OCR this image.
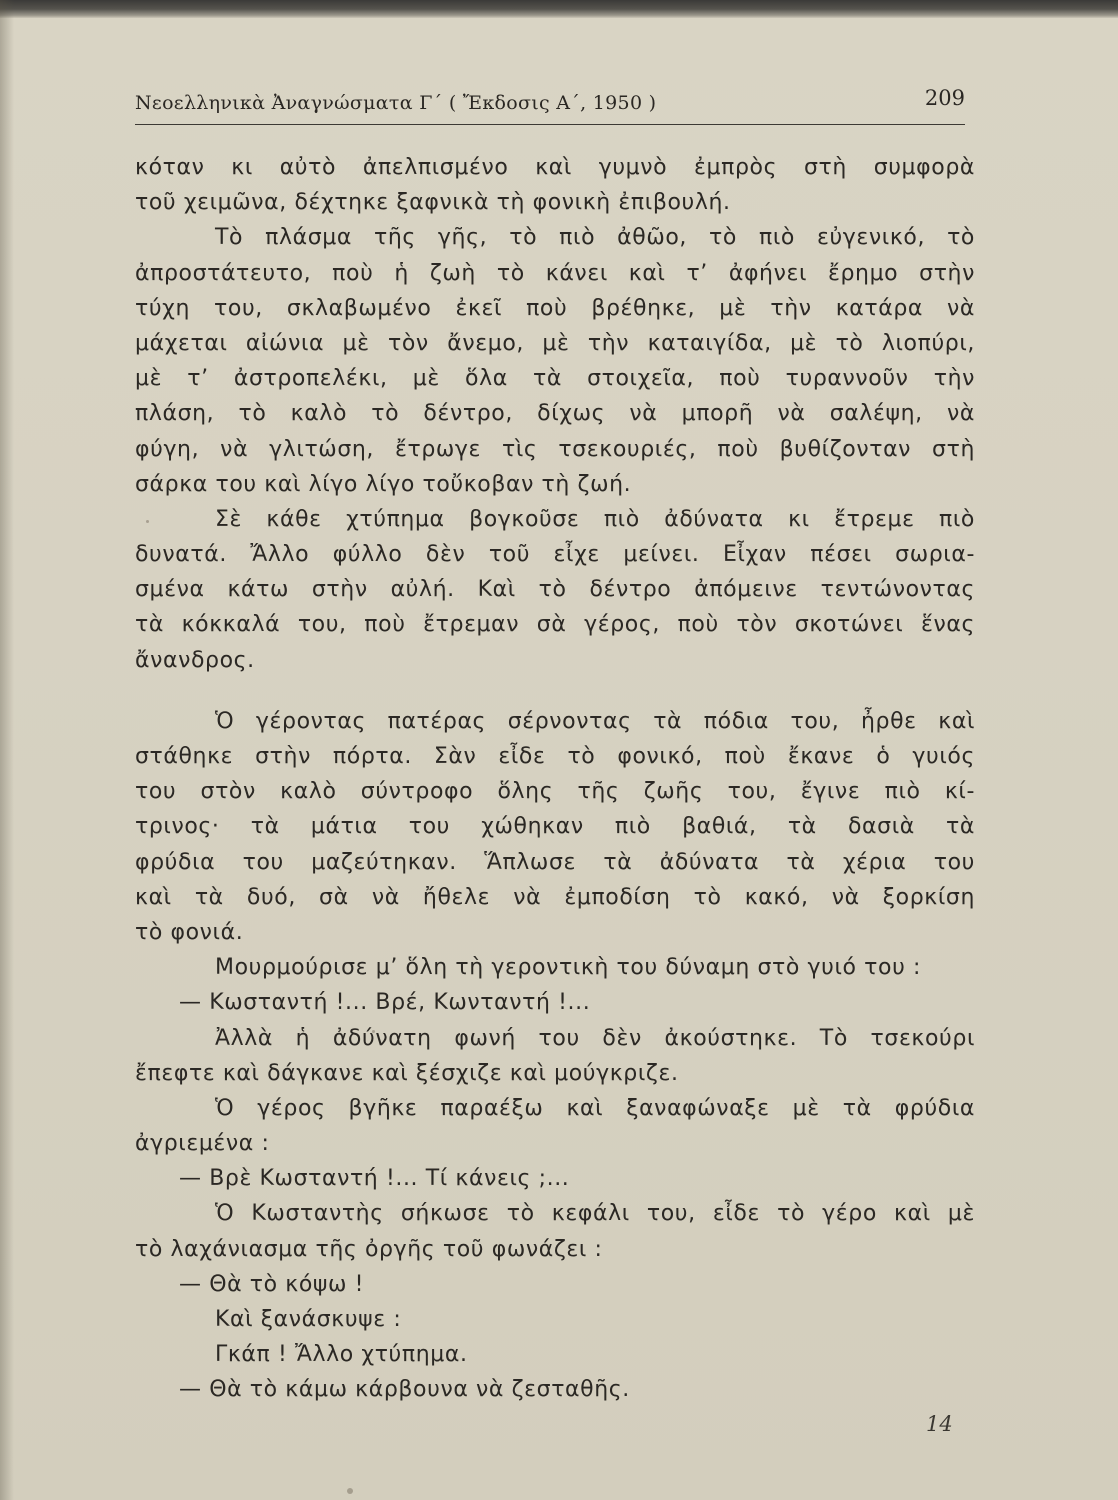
Νεοελληνικὰ Ἀναγνώσματα Γ΄ ( Ἔκδοσις Α΄, 1950 )	209
κόταν κι αὐτὸ ἀπελπισμένο καὶ γυμνὸ ἐμπρὸς στὴ συμφορὰ
τοῦ χειμῶνα, δέχτηκε ξαφνικὰ τὴ φονικὴ ἐπιβουλή.
Τὸ πλάσμα τῆς γῆς, τὸ πιὸ ἀθῶο, τὸ πιὸ εὐγενικό, τὸ
ἀπροστάτευτο, ποὺ ἡ ζωὴ τὸ κάνει καὶ τ’ ἀφήνει ἔρημο στὴν
τύχη του, σκλαβωμένο ἐκεῖ ποὺ βρέθηκε, μὲ τὴν κατάρα νὰ
μάχεται αἰώνια μὲ τὸν ἄνεμο, μὲ τὴν καταιγίδα, μὲ τὸ λιοπύρι,
μὲ τ’ ἀστροπελέκι, μὲ ὅλα τὰ στοιχεῖα, ποὺ τυραννοῦν τὴν
πλάση, τὸ καλὸ τὸ δέντρο, δίχως νὰ μπορῆ νὰ σαλέψη, νὰ
φύγη, νὰ γλιτώση, ἔτρωγε τὶς τσεκουριές, ποὺ βυθίζονταν στὴ
σάρκα του καὶ λίγο λίγο τοὔκοβαν τὴ ζωή.
Σὲ κάθε χτύπημα βογκοῦσε πιὸ ἀδύνατα κι ἔτρεμε πιὸ
δυνατά. Ἄλλο φύλλο δὲν τοῦ εἶχε μείνει. Εἶχαν πέσει σωρια-
σμένα κάτω στὴν αὐλή. Καὶ τὸ δέντρο ἀπόμεινε τεντώνοντας
τὰ κόκκαλά του, ποὺ ἔτρεμαν σὰ γέρος, ποὺ τὸν σκοτώνει ἕνας
ἄνανδρος.
Ὁ γέροντας πατέρας σέρνοντας τὰ πόδια του, ἦρθε καὶ
στάθηκε στὴν πόρτα. Σὰν εἶδε τὸ φονικό, ποὺ ἔκανε ὁ γυιός
του στὸν καλὸ σύντροφο ὅλης τῆς ζωῆς του, ἔγινε πιὸ κί-
τρινος· τὰ μάτια του χώθηκαν πιὸ βαθιά, τὰ δασιὰ τὰ
φρύδια του μαζεύτηκαν. Ἅπλωσε τὰ ἀδύνατα τὰ χέρια του
καὶ τὰ δυό, σὰ νὰ ἤθελε νὰ ἐμποδίση τὸ κακό, νὰ ξορκίση
τὸ φονιά.
Μουρμούρισε μ’ ὅλη τὴ γεροντικὴ του δύναμη στὸ γυιό του :
— Κωσταντή !... Βρέ, Κωνταντή !...
Ἀλλὰ ἡ ἀδύνατη φωνή του δὲν ἀκούστηκε. Τὸ τσεκούρι
ἔπεφτε καὶ δάγκανε καὶ ξέσχιζε καὶ μούγκριζε.
Ὁ γέρος βγῆκε παραέξω καὶ ξαναφώναξε μὲ τὰ φρύδια
ἀγριεμένα :
— Βρὲ Κωσταντή !... Τί κάνεις ;...
Ὁ Κωσταντὴς σήκωσε τὸ κεφάλι του, εἶδε τὸ γέρο καὶ μὲ
τὸ λαχάνιασμα τῆς ὀργῆς τοῦ φωνάζει :
— Θὰ τὸ κόψω !
Καὶ ξανάσκυψε :
Γκάπ ! Ἄλλο χτύπημα.
— Θὰ τὸ κάμω κάρβουνα νὰ ζεσταθῆς.
14
